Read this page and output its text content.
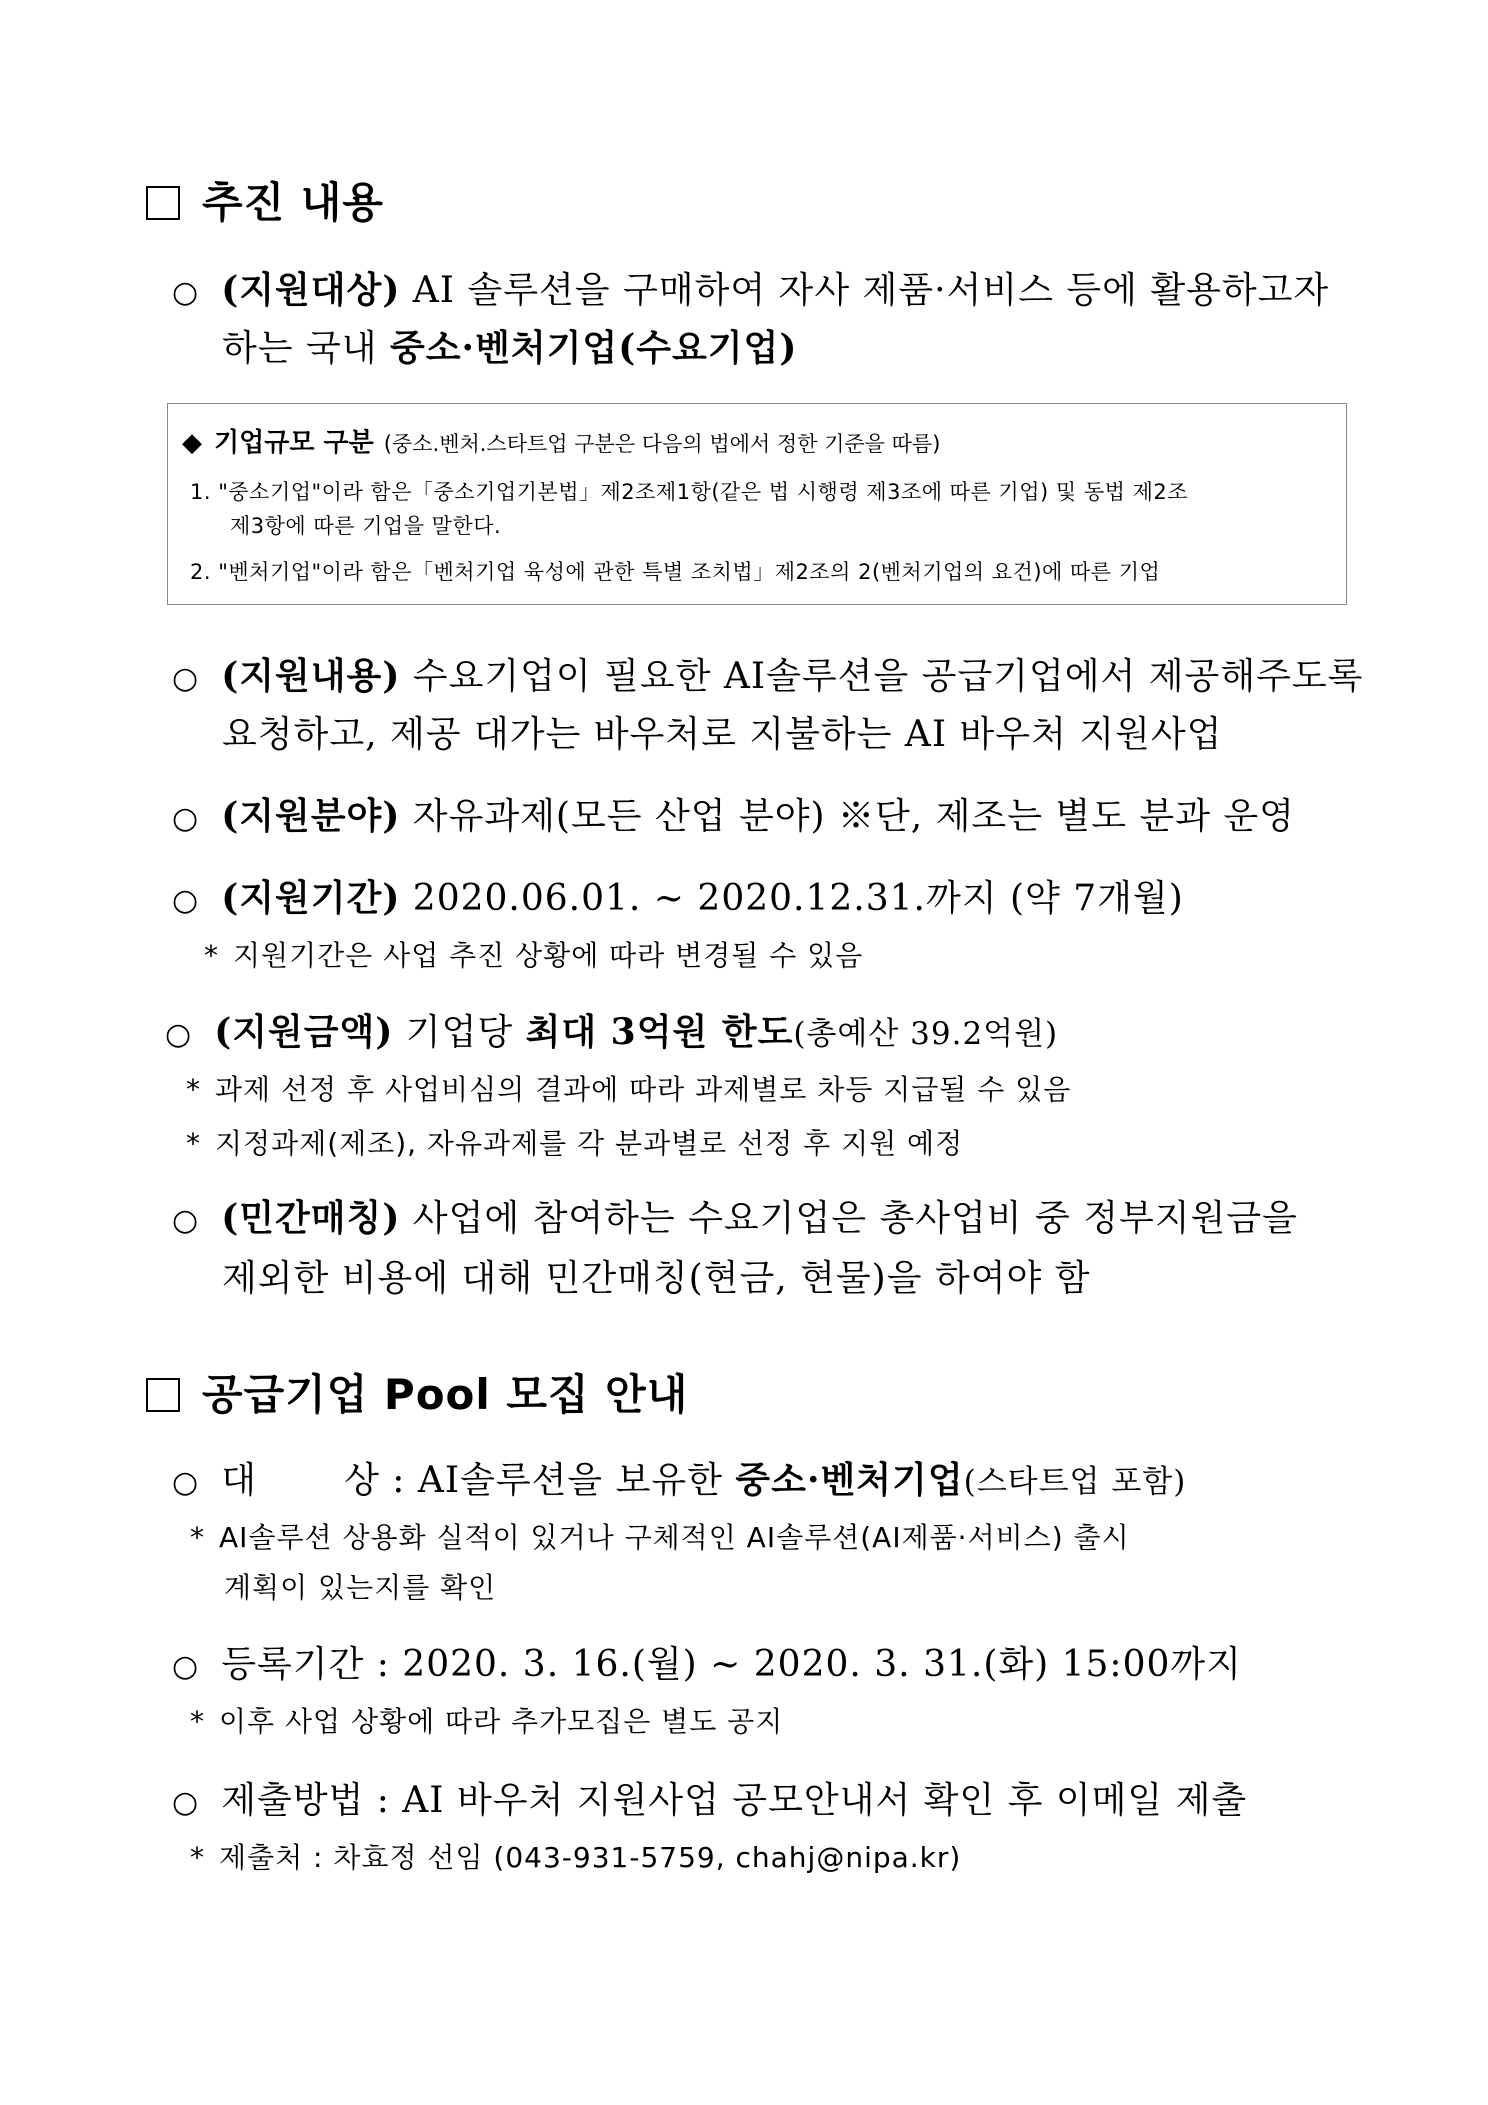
추진 내용
○ (지원대상) AI 솔루션을 구매하여 자사 제품·서비스 등에 활용하고자
하는 국내 중소·벤처기업(수요기업)
◆ 기업규모 구분 (중소.벤처.스타트업 구분은 다음의 법에서 정한 기준을 따름)
1. "중소기업"이라 함은「중소기업기본법」제2조제1항(같은 법 시행령 제3조에 따른 기업) 및 동법 제2조
제3항에 따른 기업을 말한다.
2. "벤처기업"이라 함은「벤처기업 육성에 관한 특별 조치법」제2조의 2(벤처기업의 요건)에 따른 기업
○ (지원내용) 수요기업이 필요한 AI솔루션을 공급기업에서 제공해주도록
요청하고, 제공 대가는 바우처로 지불하는 AI 바우처 지원사업
○ (지원분야) 자유과제(모든 산업 분야) ※단, 제조는 별도 분과 운영
○ (지원기간) 2020.06.01. ~ 2020.12.31.까지 (약 7개월)
* 지원기간은 사업 추진 상황에 따라 변경될 수 있음
○ (지원금액) 기업당 최대 3억원 한도(총예산 39.2억원)
* 과제 선정 후 사업비심의 결과에 따라 과제별로 차등 지급될 수 있음
* 지정과제(제조), 자유과제를 각 분과별로 선정 후 지원 예정
○ (민간매칭) 사업에 참여하는 수요기업은 총사업비 중 정부지원금을
제외한 비용에 대해 민간매칭(현금, 현물)을 하여야 함
공급기업 Pool 모집 안내
○ 대       상 : AI솔루션을 보유한 중소·벤처기업(스타트업 포함)
* AI솔루션 상용화 실적이 있거나 구체적인 AI솔루션(AI제품·서비스) 출시
계획이 있는지를 확인
○ 등록기간 : 2020. 3. 16.(월) ~ 2020. 3. 31.(화) 15:00까지
* 이후 사업 상황에 따라 추가모집은 별도 공지
○ 제출방법 : AI 바우처 지원사업 공모안내서 확인 후 이메일 제출
* 제출처 : 차효정 선임 (043-931-5759, chahj@nipa.kr)
